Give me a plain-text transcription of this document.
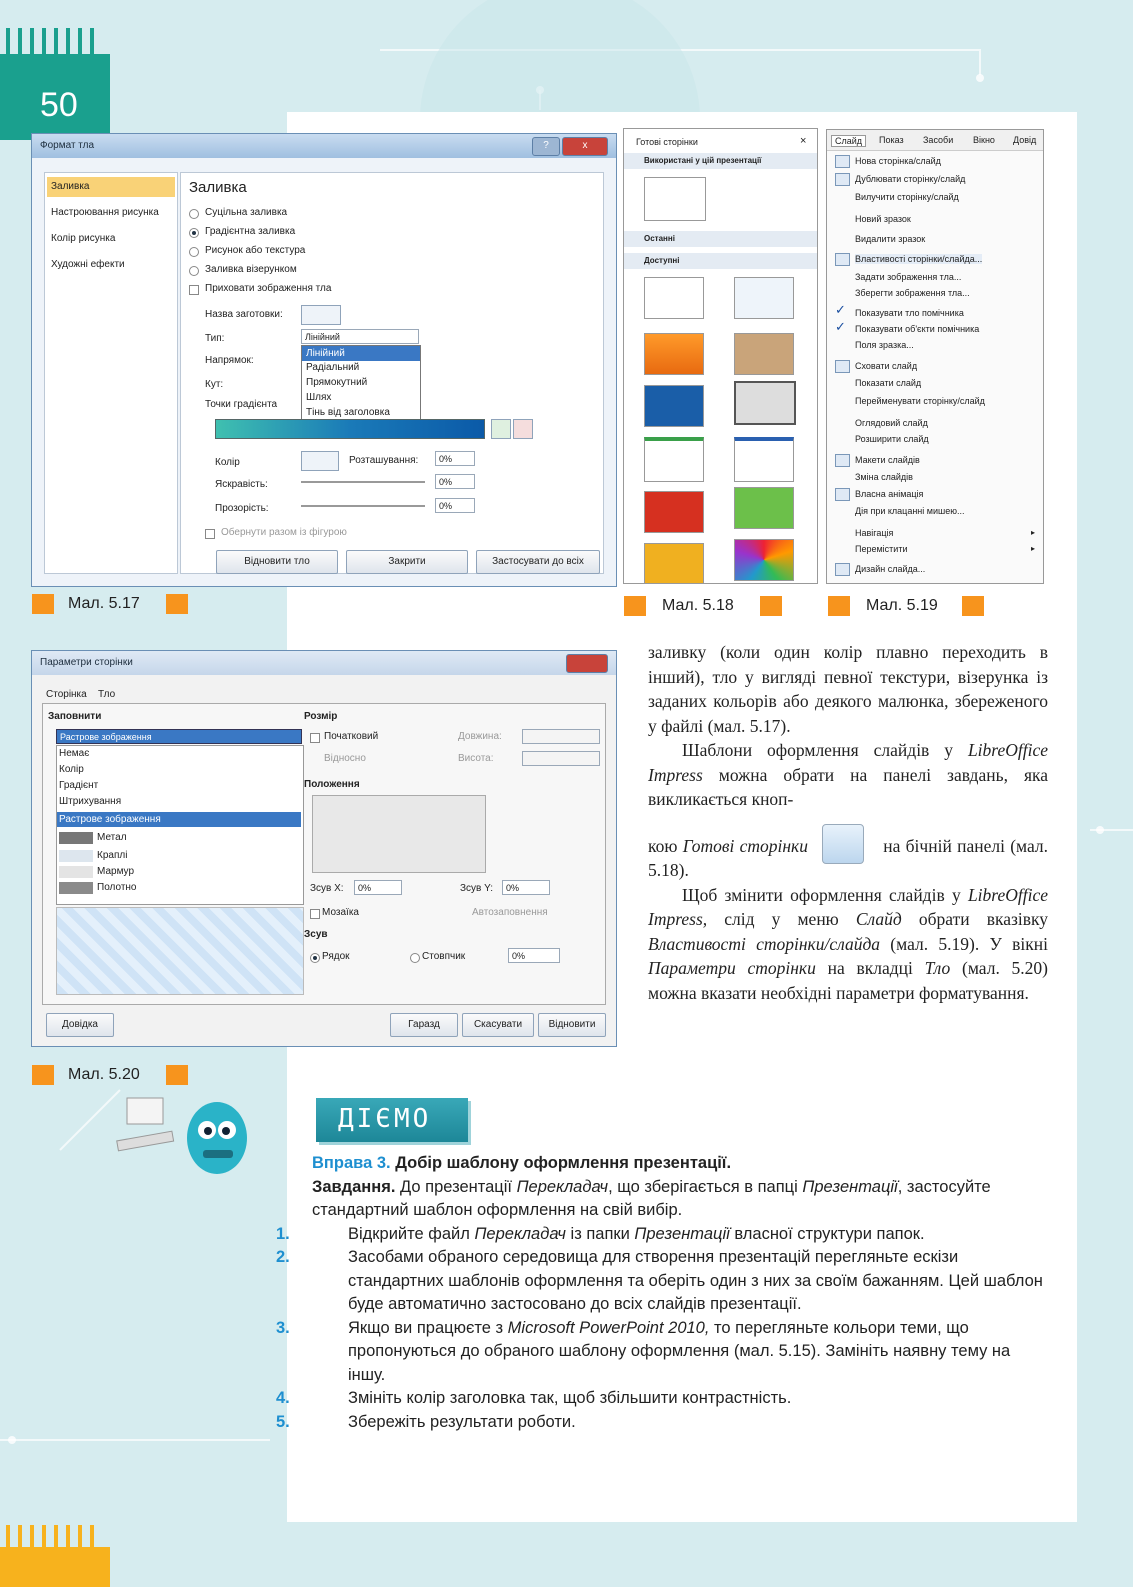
50
Формат тла	?	x
Заливка
Настроювання рисунка
Колір рисунка
Художні ефекти
Заливка
Суцільна заливка
Градієнтна заливка
Рисунок або текстура
Заливка візерунком
Приховати зображення тла
Назва заготовки:
Тип:	Лінійний
Напрямок:
Кут:
Точки градієнта
Лінійний
Радіальний
Прямокутний
Шлях
Тінь від заголовка
Колір	Розташування:	0%
Яскравість:	0%
Прозорість:	0%
Обернути разом із фігурою
Відновити тло	Закрити	Застосувати до всіх
Мал. 5.17
Готові сторінки	×
Використані у цій презентації
Останні
Доступні
Мал. 5.18
Слайд	Показ Засоби Вікно Довід
Нова сторінка/слайд
Дублювати сторінку/слайд
Вилучити сторінку/слайд
Новий зразок
Видалити зразок
Властивості сторінки/слайда...
Задати зображення тла...
Зберегти зображення тла...
✓ Показувати тло помічника
✓ Показувати об'єкти помічника
Поля зразка...
Сховати слайд
Показати слайд
Перейменувати сторінку/слайд
Оглядовий слайд
Розширити слайд
Макети слайдів
Зміна слайдів
Власна анімація
Дія при клацанні мишею...
Навігація	▸
Перемістити	▸
Дизайн слайда...
Мал. 5.19
Параметри сторінки
Сторінка Тло
Заповнити
Растрове зображення
Немає
Колір
Градієнт
Штрихування
Растрове зображення
Метал
Краплі
Мармур
Полотно
Розмір
Початковий	Довжина:
Відносно	Висота:
Положення
Зсув X:	0%	Зсув Y:	0%
Мозаїка	Автозаповнення
Зсув
Рядок	Стовпчик	0%
Довідка	Гаразд	Скасувати	Відновити
Мал. 5.20

заливку (коли один колір плавно переходить в інший), тло у вигляді певної текстури, візерунка із заданих кольорів або деякого малюнка, збереженого у файлі (мал. 5.17).

Шаблони оформлення слайдів у LibreOffice Impress можна обрати на панелі завдань, яка викликається кноп-

кою Готові сторінки	на бічній панелі (мал. 5.18).

Щоб змінити оформлення слайдів у LibreOffice Impress, слід у меню Слайд обрати вказівку Властивості сторінки/слайда (мал. 5.19). У вікні Параметри сторінки на вкладці Тло (мал. 5.20) можна вказати необхідні параметри форматування.

ДІЄМО
Вправа 3. Добір шаблону оформлення презентації.
Завдання. До презентації Перекладач, що зберігається в папці Презентації, застосуйте стандартний шаблон оформлення на свій вибір.
1.	Відкрийте файл Перекладач із папки Презентації власної структури папок.
2.	Засобами обраного середовища для створення презентацій перегляньте ескізи стандартних шаблонів оформлення та оберіть один з них за своїм бажанням. Цей шаблон буде автоматично застосовано до всіх слайдів презентації.
3.	Якщо ви працюєте з Microsoft PowerPoint 2010, то перегляньте кольори теми, що пропонуються до обраного шаблону оформлення (мал. 5.15). Замініть наявну тему на іншу.
4.	Змініть колір заголовка так, щоб збільшити контрастність.
5.	Збережіть результати роботи.
